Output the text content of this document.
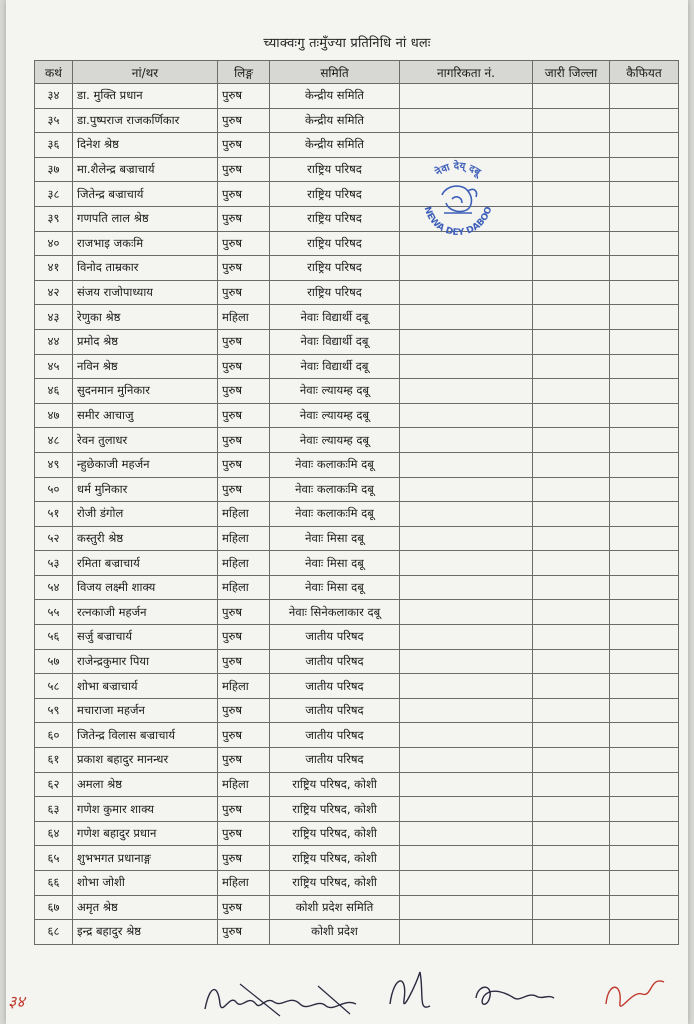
च्याक्वःगु तःमुँज्या प्रतिनिधि नां धलः
कथं	नां/थर	लिङ्ग	समिति	नागरिकता नं.	जारी जिल्ला	कैफियत
३४	डा. मुक्ति प्रधान	पुरुष	केन्द्रीय समिति			
३५	डा.पुष्पराज राजकर्णिकार	पुरुष	केन्द्रीय समिति			
३६	दिनेश श्रेष्ठ	पुरुष	केन्द्रीय समिति			
३७	मा.शैलेन्द्र बज्राचार्य	पुरुष	राष्ट्रिय परिषद			
३८	जितेन्द्र बज्राचार्य	पुरुष	राष्ट्रिय परिषद			
३९	गणपति लाल श्रेष्ठ	पुरुष	राष्ट्रिय परिषद			
४०	राजभाइ जकःमि	पुरुष	राष्ट्रिय परिषद			
४१	विनोद ताम्रकार	पुरुष	राष्ट्रिय परिषद			
४२	संजय राजोपाध्याय	पुरुष	राष्ट्रिय परिषद			
४३	रेणुका श्रेष्ठ	महिला	नेवाः विद्यार्थी दबू			
४४	प्रमोद श्रेष्ठ	पुरुष	नेवाः विद्यार्थी दबू			
४५	नविन श्रेष्ठ	पुरुष	नेवाः विद्यार्थी दबू			
४६	सुदनमान मुनिकार	पुरुष	नेवाः ल्यायम्ह दबू			
४७	समीर आचाजु	पुरुष	नेवाः ल्यायम्ह दबू			
४८	रेवन तुलाधर	पुरुष	नेवाः ल्यायम्ह दबू			
४९	न्हुछेकाजी महर्जन	पुरुष	नेवाः कलाकःमि दबू			
५०	धर्म मुनिकार	पुरुष	नेवाः कलाकःमि दबू			
५१	रोजी डंगोल	महिला	नेवाः कलाकःमि दबू			
५२	कस्तुरी श्रेष्ठ	महिला	नेवाः मिसा दबू			
५३	रमिता बज्राचार्य	महिला	नेवाः मिसा दबू			
५४	विजय लक्ष्मी शाक्य	महिला	नेवाः मिसा दबू			
५५	रत्नकाजी महर्जन	पुरुष	नेवाः सिनेकलाकार दबू			
५६	सर्जु बज्राचार्य	पुरुष	जातीय परिषद			
५७	राजेन्द्रकुमार पिया	पुरुष	जातीय परिषद			
५८	शोभा बज्राचार्य	महिला	जातीय परिषद			
५९	मचाराजा महर्जन	पुरुष	जातीय परिषद			
६०	जितेन्द्र विलास बज्राचार्य	पुरुष	जातीय परिषद			
६१	प्रकाश बहादुर मानन्धर	पुरुष	जातीय परिषद			
६२	अमला श्रेष्ठ	महिला	राष्ट्रिय परिषद, कोशी			
६३	गणेश कुमार शाक्य	पुरुष	राष्ट्रिय परिषद, कोशी			
६४	गणेश बहादुर प्रधान	पुरुष	राष्ट्रिय परिषद, कोशी			
६५	शुभभगत प्रधानाङ्ग	पुरुष	राष्ट्रिय परिषद, कोशी			
६६	शोभा जोशी	महिला	राष्ट्रिय परिषद, कोशी			
६७	अमृत श्रेष्ठ	पुरुष	कोशी प्रदेश समिति			
६८	इन्द्र बहादुर श्रेष्ठ	पुरुष	कोशी प्रदेश			
नेवा देय् दबू
NEWA DEY DABOO
३४
